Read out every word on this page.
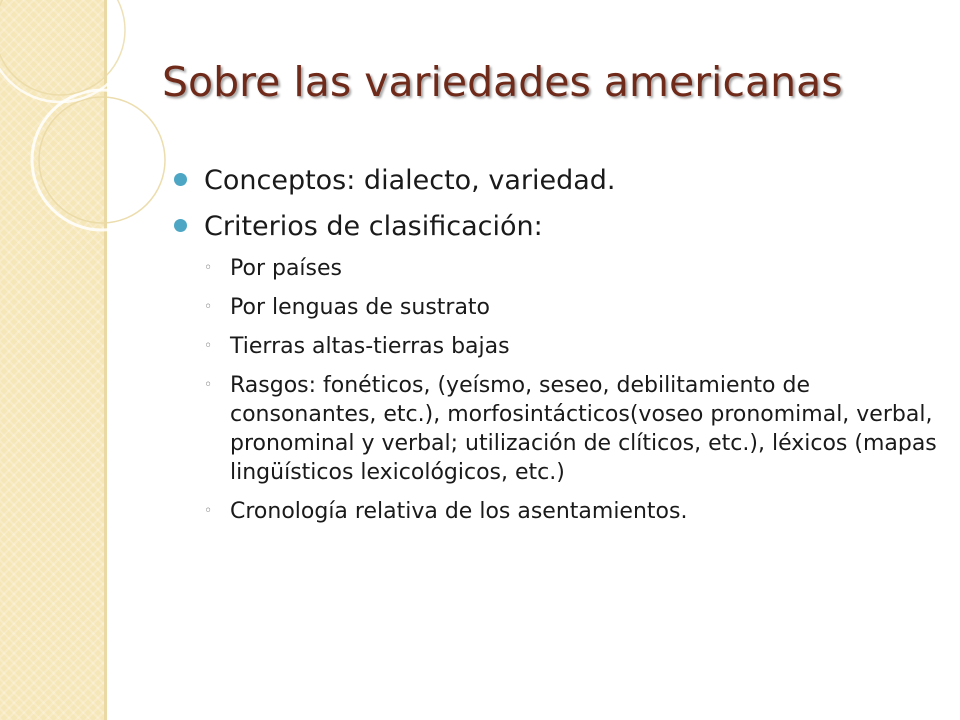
Sobre las variedades americanas
Conceptos: dialecto, variedad.
Criterios de clasificación:
◦ Por países
◦ Por lenguas de sustrato
◦ Tierras altas-tierras bajas
◦ Rasgos: fonéticos, (yeísmo, seseo, debilitamiento de consonantes, etc.), morfosintácticos(voseo pronomimal, verbal, pronominal y verbal; utilización de clíticos, etc.), léxicos (mapas lingüísticos lexicológicos, etc.)
◦ Cronología relativa de los asentamientos.
